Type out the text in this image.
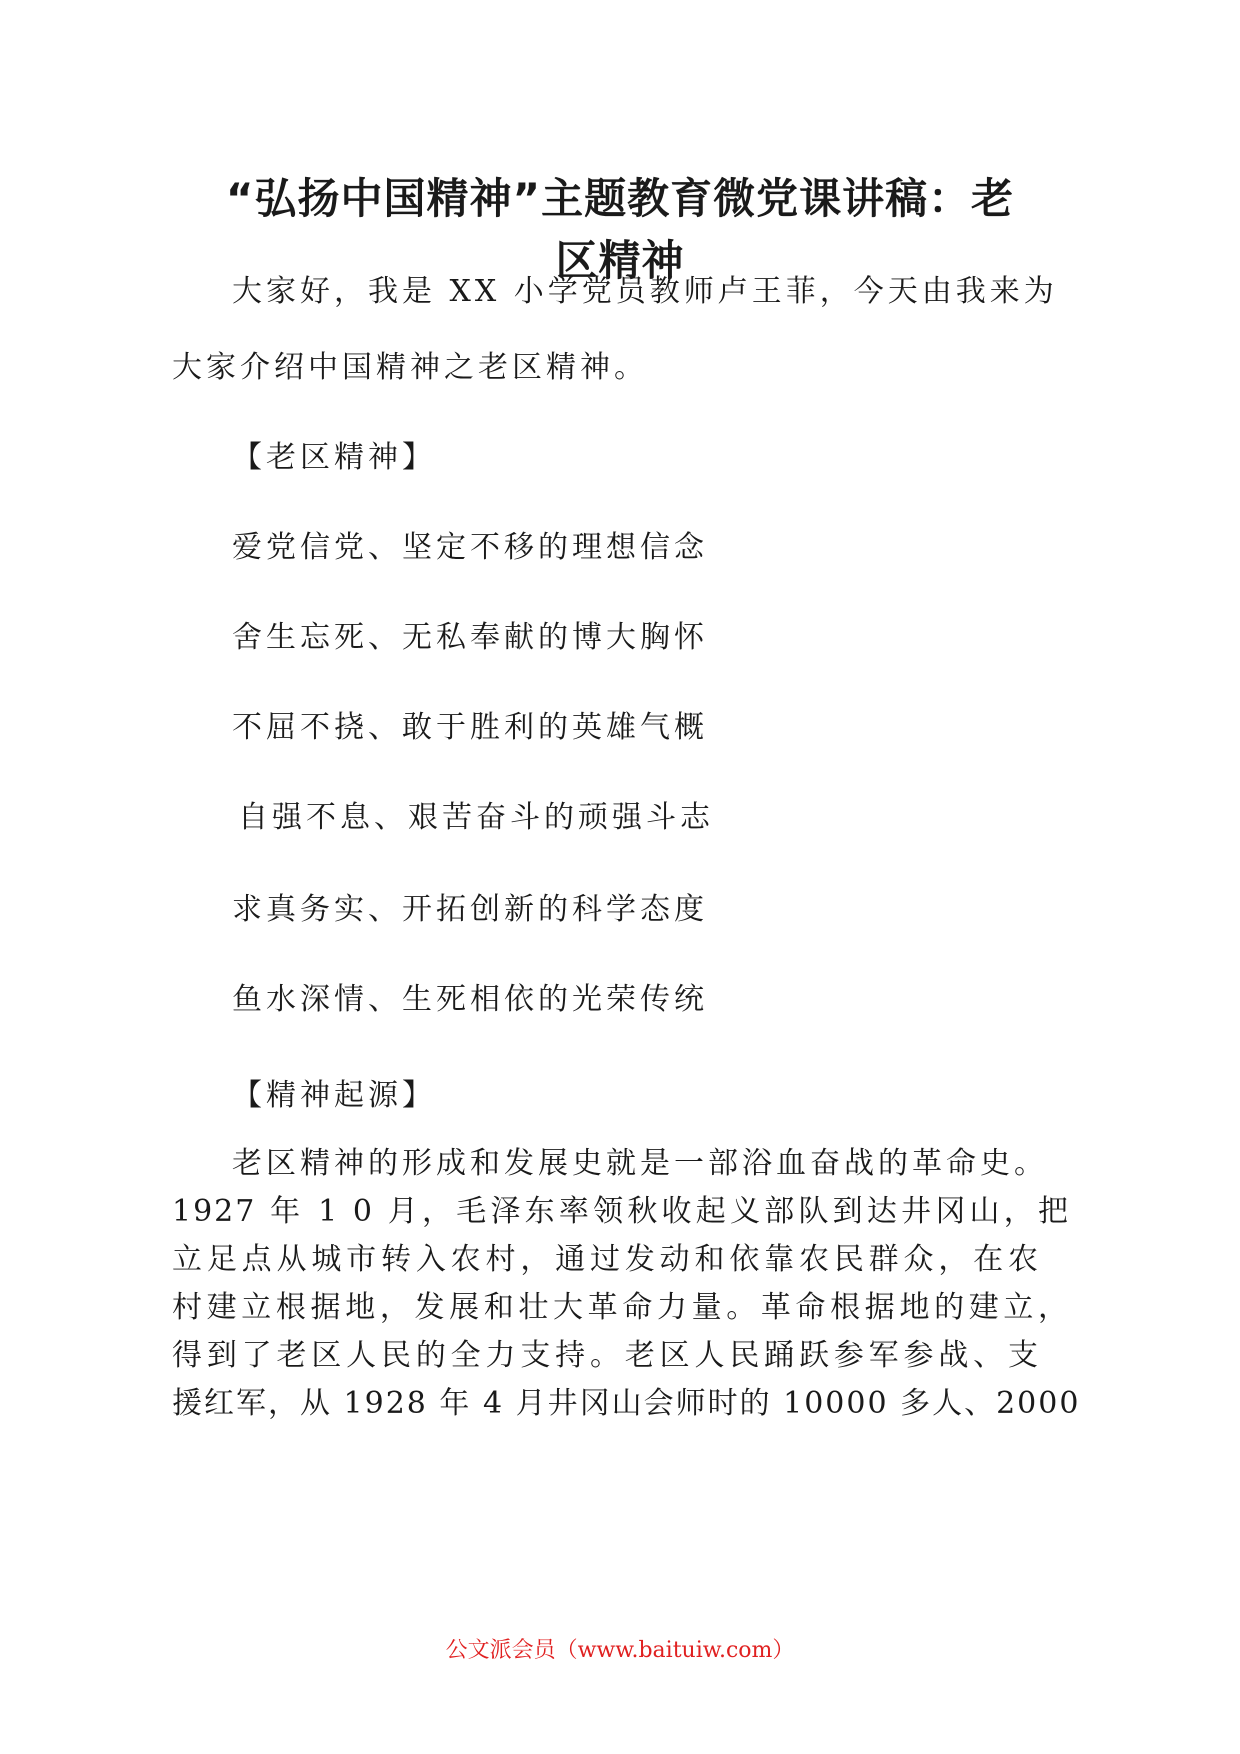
“弘扬中国精神”主题教育微党课讲稿：老
区精神
大家好，我是 XX 小学党员教师卢王菲，今天由我来为
大家介绍中国精神之老区精神。
【老区精神】
爱党信党、坚定不移的理想信念
舍生忘死、无私奉献的博大胸怀
不屈不挠、敢于胜利的英雄气概
自强不息、艰苦奋斗的顽强斗志
求真务实、开拓创新的科学态度
鱼水深情、生死相依的光荣传统
【精神起源】
老区精神的形成和发展史就是一部浴血奋战的革命史。
1927 年 1 0 月，毛泽东率领秋收起义部队到达井冈山，把
立足点从城市转入农村，通过发动和依靠农民群众，在农
村建立根据地，发展和壮大革命力量。革命根据地的建立，
得到了老区人民的全力支持。老区人民踊跃参军参战、支
援红军，从 1928 年 4 月井冈山会师时的 10000 多人、2000
公文派会员（www.baituiw.com）
